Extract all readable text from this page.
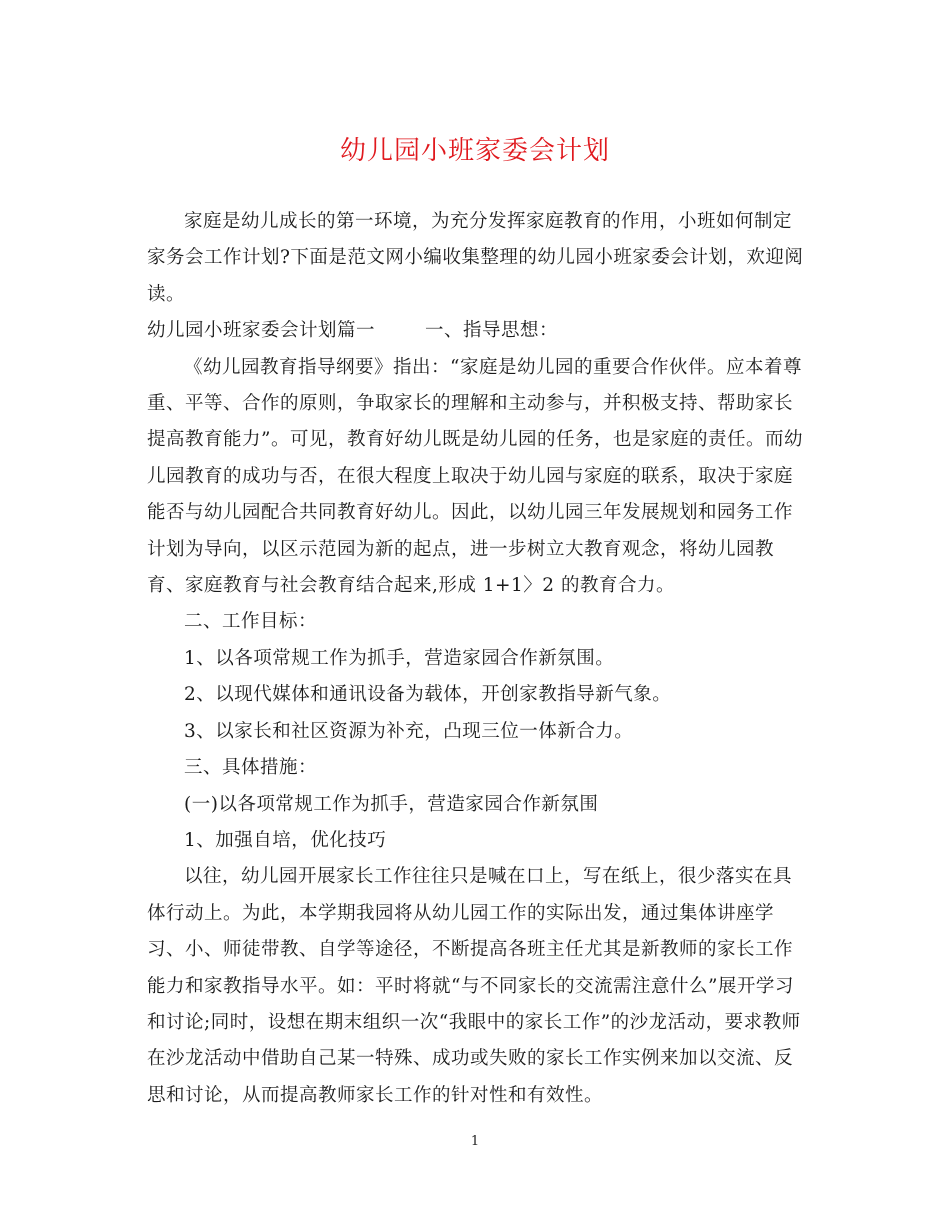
幼儿园小班家委会计划

家庭是幼儿成长的第一环境，为充分发挥家庭教育的作用，小班如何制定家务会工作计划?下面是范文网小编收集整理的幼儿园小班家委会计划，欢迎阅读。

幼儿园小班家委会计划篇一	一、指导思想：

《幼儿园教育指导纲要》指出：“家庭是幼儿园的重要合作伙伴。应本着尊重、平等、合作的原则，争取家长的理解和主动参与，并积极支持、帮助家长提高教育能力”。可见，教育好幼儿既是幼儿园的任务，也是家庭的责任。而幼儿园教育的成功与否，在很大程度上取决于幼儿园与家庭的联系，取决于家庭能否与幼儿园配合共同教育好幼儿。因此，以幼儿园三年发展规划和园务工作计划为导向，以区示范园为新的起点，进一步树立大教育观念，将幼儿园教育、家庭教育与社会教育结合起来,形成 1+1〉2 的教育合力。

二、工作目标：

1、以各项常规工作为抓手，营造家园合作新氛围。

2、以现代媒体和通讯设备为载体，开创家教指导新气象。

3、以家长和社区资源为补充，凸现三位一体新合力。

三、具体措施：

(一)以各项常规工作为抓手，营造家园合作新氛围

1、加强自培，优化技巧

以往，幼儿园开展家长工作往往只是喊在口上，写在纸上，很少落实在具体行动上。为此，本学期我园将从幼儿园工作的实际出发，通过集体讲座学习、小、师徒带教、自学等途径，不断提高各班主任尤其是新教师的家长工作能力和家教指导水平。如：平时将就“与不同家长的交流需注意什么”展开学习和讨论;同时，设想在期末组织一次“我眼中的家长工作”的沙龙活动，要求教师在沙龙活动中借助自己某一特殊、成功或失败的家长工作实例来加以交流、反思和讨论，从而提高教师家长工作的针对性和有效性。

1
